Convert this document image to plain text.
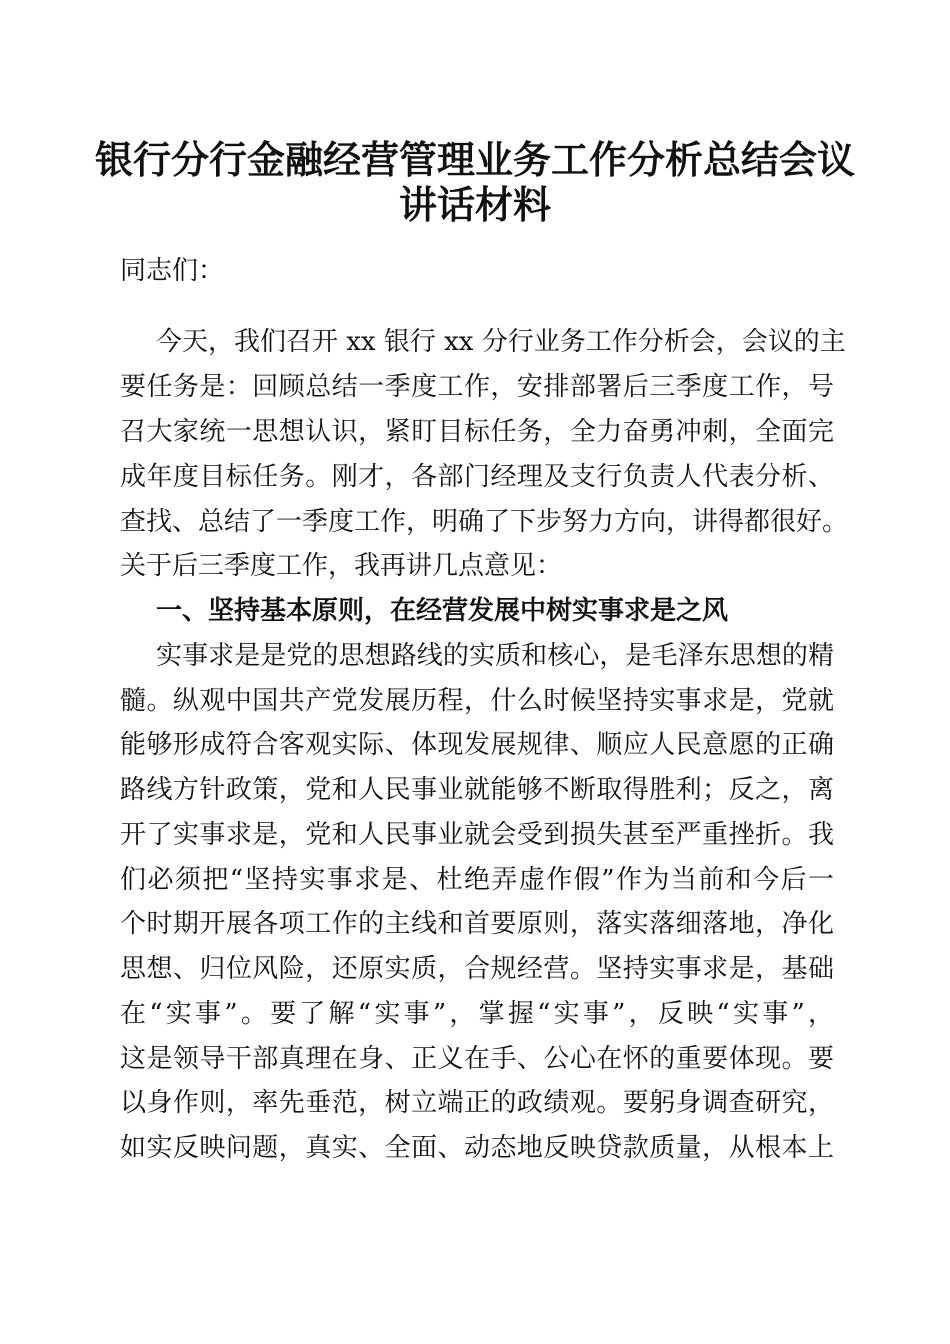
银行分行金融经营管理业务工作分析总结会议
讲话材料
同志们：
今天，我们召开 xx 银行 xx 分行业务工作分析会，会议的主
要任务是：回顾总结一季度工作，安排部署后三季度工作，号
召大家统一思想认识，紧盯目标任务，全力奋勇冲刺，全面完
成年度目标任务。刚才，各部门经理及支行负责人代表分析、
查找、总结了一季度工作，明确了下步努力方向，讲得都很好。
关于后三季度工作，我再讲几点意见：
一、坚持基本原则，在经营发展中树实事求是之风
实事求是是党的思想路线的实质和核心，是毛泽东思想的精
髓。纵观中国共产党发展历程，什么时候坚持实事求是，党就
能够形成符合客观实际、体现发展规律、顺应人民意愿的正确
路线方针政策，党和人民事业就能够不断取得胜利；反之，离
开了实事求是，党和人民事业就会受到损失甚至严重挫折。我
们必须把“坚持实事求是、杜绝弄虚作假”作为当前和今后一
个时期开展各项工作的主线和首要原则，落实落细落地，净化
思想、归位风险，还原实质，合规经营。坚持实事求是，基础
在“实事”。要了解“实事”，掌握“实事”，反映“实事”，
这是领导干部真理在身、正义在手、公心在怀的重要体现。要
以身作则，率先垂范，树立端正的政绩观。要躬身调查研究，
如实反映问题，真实、全面、动态地反映贷款质量，从根本上
